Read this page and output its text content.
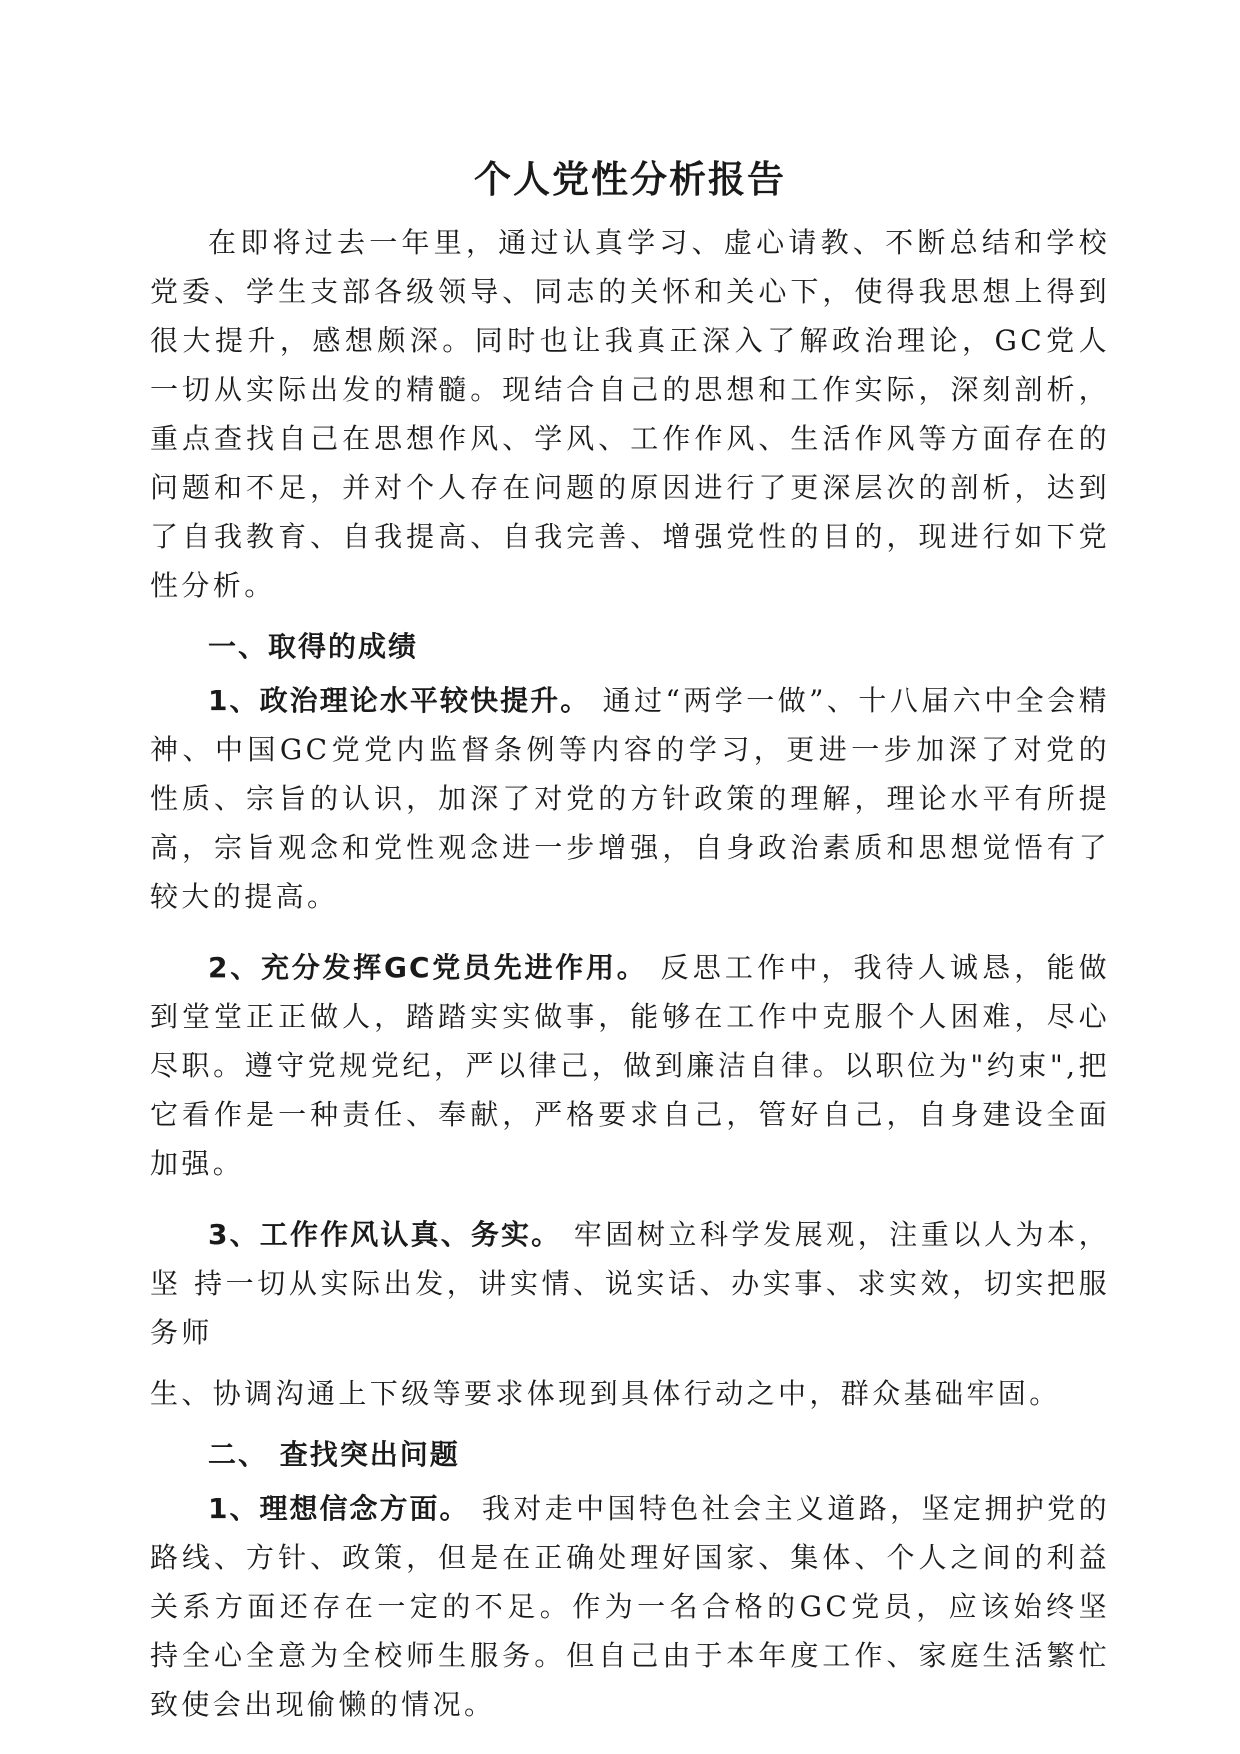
个人党性分析报告

在即将过去一年里，通过认真学习、虚心请教、不断总结和学校党委、学生支部各级领导、同志的关怀和关心下，使得我思想上得到很大提升，感想颇深。同时也让我真正深入了解政治理论，GC党人一切从实际出发的精髓。现结合自己的思想和工作实际，深刻剖析，重点查找自己在思想作风、学风、工作作风、生活作风等方面存在的问题和不足，并对个人存在问题的原因进行了更深层次的剖析，达到了自我教育、自我提高、自我完善、增强党性的目的，现进行如下党性分析。

一、取得的成绩

1、政治理论水平较快提升。 通过“两学一做”、十八届六中全会精神、中国GC党党内监督条例等内容的学习，更进一步加深了对党的性质、宗旨的认识，加深了对党的方针政策的理解，理论水平有所提高，宗旨观念和党性观念进一步增强，自身政治素质和思想觉悟有了较大的提高。

2、充分发挥GC党员先进作用。 反思工作中，我待人诚恳，能做到堂堂正正做人，踏踏实实做事，能够在工作中克服个人困难，尽心尽职。遵守党规党纪，严以律己，做到廉洁自律。以职位为"约束",把它看作是一种责任、奉献，严格要求自己，管好自己，自身建设全面加强。

3、工作作风认真、务实。 牢固树立科学发展观，注重以人为本，坚 持一切从实际出发，讲实情、说实话、办实事、求实效，切实把服务师

生、协调沟通上下级等要求体现到具体行动之中，群众基础牢固。

二、 查找突出问题

1、理想信念方面。 我对走中国特色社会主义道路，坚定拥护党的路线、方针、政策，但是在正确处理好国家、集体、个人之间的利益关系方面还存在一定的不足。作为一名合格的GC党员，应该始终坚持全心全意为全校师生服务。但自己由于本年度工作、家庭生活繁忙致使会出现偷懒的情况。
